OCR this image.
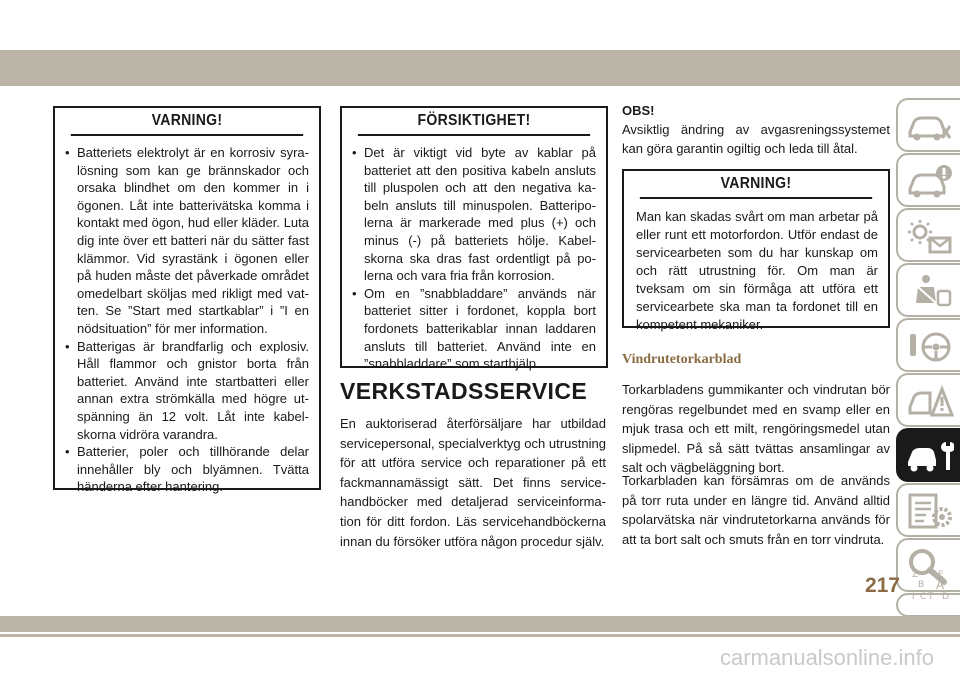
VARNING!
• Batteriets elektrolyt är en korrosiv syralösning som kan ge brännskador och orsaka blindhet om den kommer in i ögonen. Låt inte batterivätska komma i kontakt med ögon, hud eller kläder. Luta dig inte över ett batteri när du sätter fast klämmor. Vid syrastänk i ögonen eller på huden måste det påverkade området omedelbart sköljas med rikligt med vatten. Se ”Start med startkablar” i ”I en nödsituation” för mer information.
• Batterigas är brandfarlig och explosiv. Håll flammor och gnistor borta från batteriet. Använd inte startbatteri eller annan extra strömkälla med högre utspänning än 12 volt. Låt inte kabelskorna vidröra varandra.
• Batterier, poler och tillhörande delar innehåller bly och blyämnen. Tvätta händerna efter hantering.
FÖRSIKTIGHET!
• Det är viktigt vid byte av kablar på batteriet att den positiva kabeln ansluts till pluspolen och att den negativa kabeln ansluts till minuspolen. Batteripolerna är markerade med plus (+) och minus (-) på batteriets hölje. Kabelskorna ska dras fast ordentligt på polerna och vara fria från korrosion.
• Om en ”snabbladdare” används när batteriet sitter i fordonet, koppla bort fordonets batterikablar innan laddaren ansluts till batteriet. Använd inte en ”snabbladdare” som starthjälp.
VERKSTADSSERVICE

En auktoriserad återförsäljare har utbildad servicepersonal, specialverktyg och utrustning för att utföra service och reparationer på ett fackmannamässigt sätt. Det finns servicehandböcker med detaljerad serviceinformation för ditt fordon. Läs servicehandböckerna innan du försöker utföra någon procedur själv.

OBS!

Avsiktlig ändring av avgasreningssystemet kan göra garantin ogiltig och leda till åtal.

VARNING!

Man kan skadas svårt om man arbetar på eller runt ett motorfordon. Utför endast de servicearbeten som du har kunskap om och rätt utrustning för. Om man är tveksam om sin förmåga att utföra ett servicearbete ska man ta fordonet till en kompetent mekaniker.

Vindrutetorkarblad

Torkarbladens gummikanter och vindrutan bör rengöras regelbundet med en svamp eller en mjuk trasa och ett milt, rengöringsmedel utan slipmedel. På så sätt tvättas ansamlingar av salt och vägbeläggning bort.

Torkarbladen kan försämras om de används på torr ruta under en längre tid. Använd alltid spolarvätska när vindrutetorkarna används för att ta bort salt och smuts från en torr vindruta.

Z E
B A
I C T D

217

carmanualsonline.info
